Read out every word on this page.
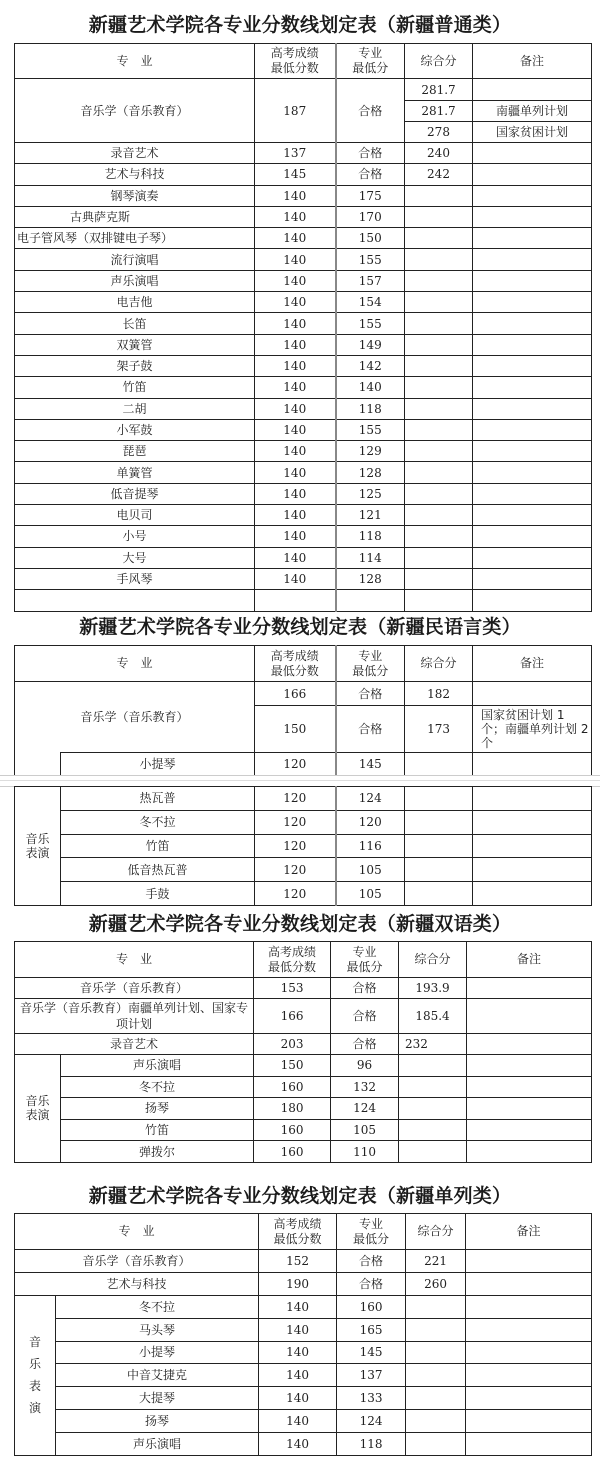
新疆艺术学院各专业分数线划定表（新疆普通类）
专　业	高考成绩
最低分数	专业
最低分	综合分	备注
音乐学（音乐教育）	187	合格	281.7	
			281.7	南疆单列计划
			278	国家贫困计划
录音艺术	137	合格	240	
艺术与科技	145	合格	242	
钢琴演奏	140	175		
古典萨克斯	140	170		
电子管风琴（双排键电子琴）	140	150		
流行演唱	140	155		
声乐演唱	140	157		
电吉他	140	154		
长笛	140	155		
双簧管	140	149		
架子鼓	140	142		
竹笛	140	140		
二胡	140	118		
小军鼓	140	155		
琵琶	140	129		
单簧管	140	128		
低音提琴	140	125		
电贝司	140	121		
小号	140	118		
大号	140	114		
手风琴	140	128		

新疆艺术学院各专业分数线划定表（新疆民语言类）
专　业		高考成绩
最低分数	专业
最低分	综合分	备注
音乐学（音乐教育）		166	合格	182	
		150	合格	173	国家贫困计划 1 个；南疆单列计划 2 个
	小提琴	120	145		
音乐
表演	热瓦普	120	124		
	冬不拉	120	120		
	竹笛	120	116		
	低音热瓦普	120	105		
	手鼓	120	105		
新疆艺术学院各专业分数线划定表（新疆双语类）
专　业		高考成绩
最低分数	专业
最低分	综合分	备注
音乐学（音乐教育）		153	合格	193.9	
音乐学（音乐教育）南疆单列计划、国家专项计划		166	合格	185.4	
录音艺术		203	合格	232	
音乐
表演	声乐演唱	150	96		
	冬不拉	160	132		
	扬琴	180	124		
	竹笛	160	105		
	弹拨尔	160	110		
新疆艺术学院各专业分数线划定表（新疆单列类）
专　业		高考成绩
最低分数	专业
最低分	综合分	备注
音乐学（音乐教育）		152	合格	221	
艺术与科技		190	合格	260	
音
乐
表
演	冬不拉	140	160		
	马头琴	140	165		
	小提琴	140	145		
	中音艾捷克	140	137		
	大提琴	140	133		
	扬琴	140	124		
	声乐演唱	140	118		
